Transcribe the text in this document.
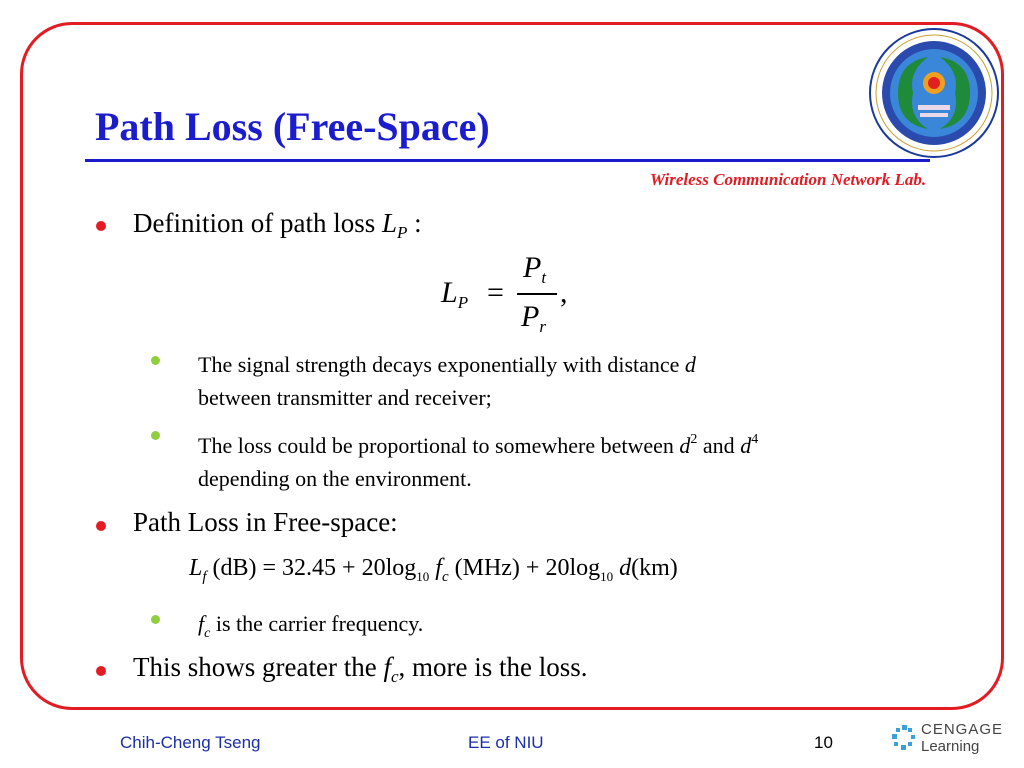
Path Loss (Free-Space)
Wireless Communication Network Lab.
Definition of path loss $L_P$ :
$L_P$ =
$P_t$
$P_r$
,
The signal strength decays exponentially with distance d
between transmitter and receiver;
The loss could be proportional to somewhere between $d^2$ and $d^4$
depending on the environment.
Path Loss in Free-space:
$L_f$ $(dB) = 32.45 + 20\log_{10}$ $f_c$ $(MHz) + 20\log_{10}$ d(km)
$f_c$ is the carrier frequency.
This shows greater the $f_c$, more is the loss.
Chih-Cheng Tseng	EE of NIU	10
CENGAGE
Learning
